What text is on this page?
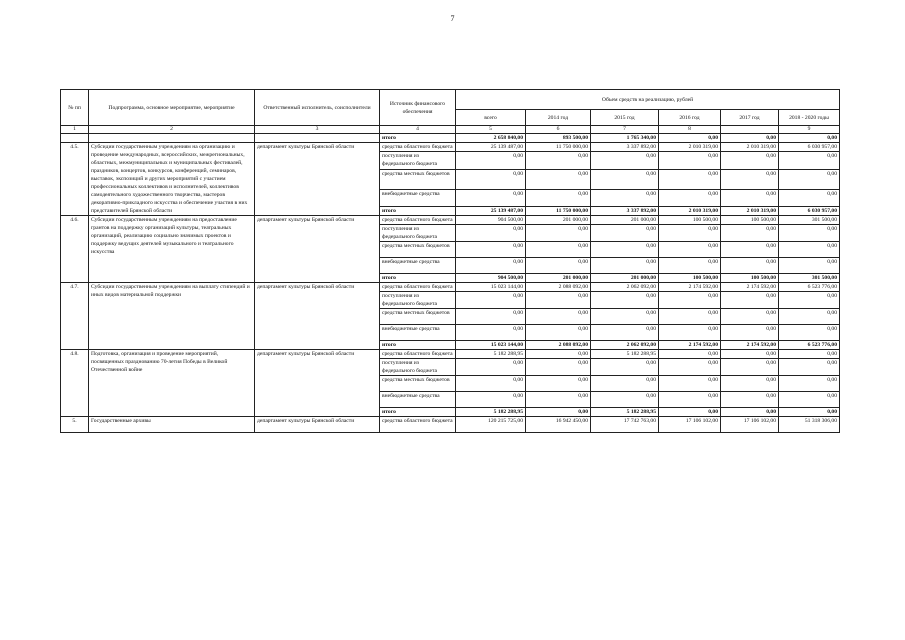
7
№ пп	Подпрограмма, основное мероприятие, мероприятие	Ответственный исполнитель, соисполнители	Источник финансового обеспечения	Объем средств на реализацию, рублей					
				всего	2014 год	2015 год	2016 год	2017 год	2018 - 2020 годы
1	2	3	4	5	6	7	8		9
			итого	2 658 840,00	893 500,00	1 765 340,00	0,00	0,00	0,00
4.5.	Субсидии государственным учреждениям на организацию и проведение международных, всероссийских, межрегиональных, областных, межмуниципальных и муниципальных фестивалей, праздников, концертов, конкурсов, конференций, семинаров, выставок, экспозиций и других мероприятий с участием профессиональных коллективов и исполнителей, коллективов самодеятельного художественного творчества, мастеров декоративно-прикладного искусства и обеспечение участия в них представителей Брянской области	департамент культуры Брянской области	средства областного бюджета	25 139 487,00	11 750 000,00	3 337 892,00	2 010 319,00	2 010 319,00	6 030 957,00
			поступления из федерального бюджета	0,00	0,00	0,00	0,00	0,00	0,00
			средства местных бюджетов	0,00	0,00	0,00	0,00	0,00	0,00
			внебюджетные средства	0,00	0,00	0,00	0,00	0,00	0,00
			итого	25 139 487,00	11 750 000,00	3 337 892,00	2 010 319,00	2 010 319,00	6 030 957,00
4.6.	Субсидии государственным учреждениям на предоставление грантов на поддержку организаций культуры, театральных организаций, реализацию социально значимых проектов и поддержку ведущих деятелей музыкального и театрального искусства	департамент культуры Брянской области	средства областного бюджета	904 500,00	201 000,00	201 000,00	100 500,00	100 500,00	301 500,00
			поступления из федерального бюджета	0,00	0,00	0,00	0,00	0,00	0,00
			средства местных бюджетов	0,00	0,00	0,00	0,00	0,00	0,00
			внебюджетные средства	0,00	0,00	0,00	0,00	0,00	0,00
			итого	904 500,00	201 000,00	201 000,00	100 500,00	100 500,00	301 500,00
4.7.	Субсидии государственным учреждениям на выплату стипендий и иных видов материальной поддержки	департамент культуры Брянской области	средства областного бюджета	15 023 144,00	2 088 092,00	2 062 092,00	2 174 592,00	2 174 592,00	6 523 776,00
			поступления из федерального бюджета	0,00	0,00	0,00	0,00	0,00	0,00
			средства местных бюджетов	0,00	0,00	0,00	0,00	0,00	0,00
			внебюджетные средства	0,00	0,00	0,00	0,00	0,00	0,00
			итого	15 023 144,00	2 088 092,00	2 062 092,00	2 174 592,00	2 174 592,00	6 523 776,00
4.8.	Подготовка, организация и проведение мероприятий, посвященных празднованию 70-летия Победы в Великой Отечественной войне	департамент культуры Брянской области	средства областного бюджета	5 182 288,95	0,00	5 182 288,95	0,00	0,00	0,00
			поступления из федерального бюджета	0,00	0,00	0,00	0,00	0,00	0,00
			средства местных бюджетов	0,00	0,00	0,00	0,00	0,00	0,00
			внебюджетные средства	0,00	0,00	0,00	0,00	0,00	0,00
			итого	5 182 288,95	0,00	5 182 288,95	0,00	0,00	0,00
5.	Государственные архивы	департамент культуры Брянской области	средства областного бюджета	120 215 725,00	16 942 450,00	17 742 763,00	17 106 102,00	17 106 102,00	51 318 306,00
